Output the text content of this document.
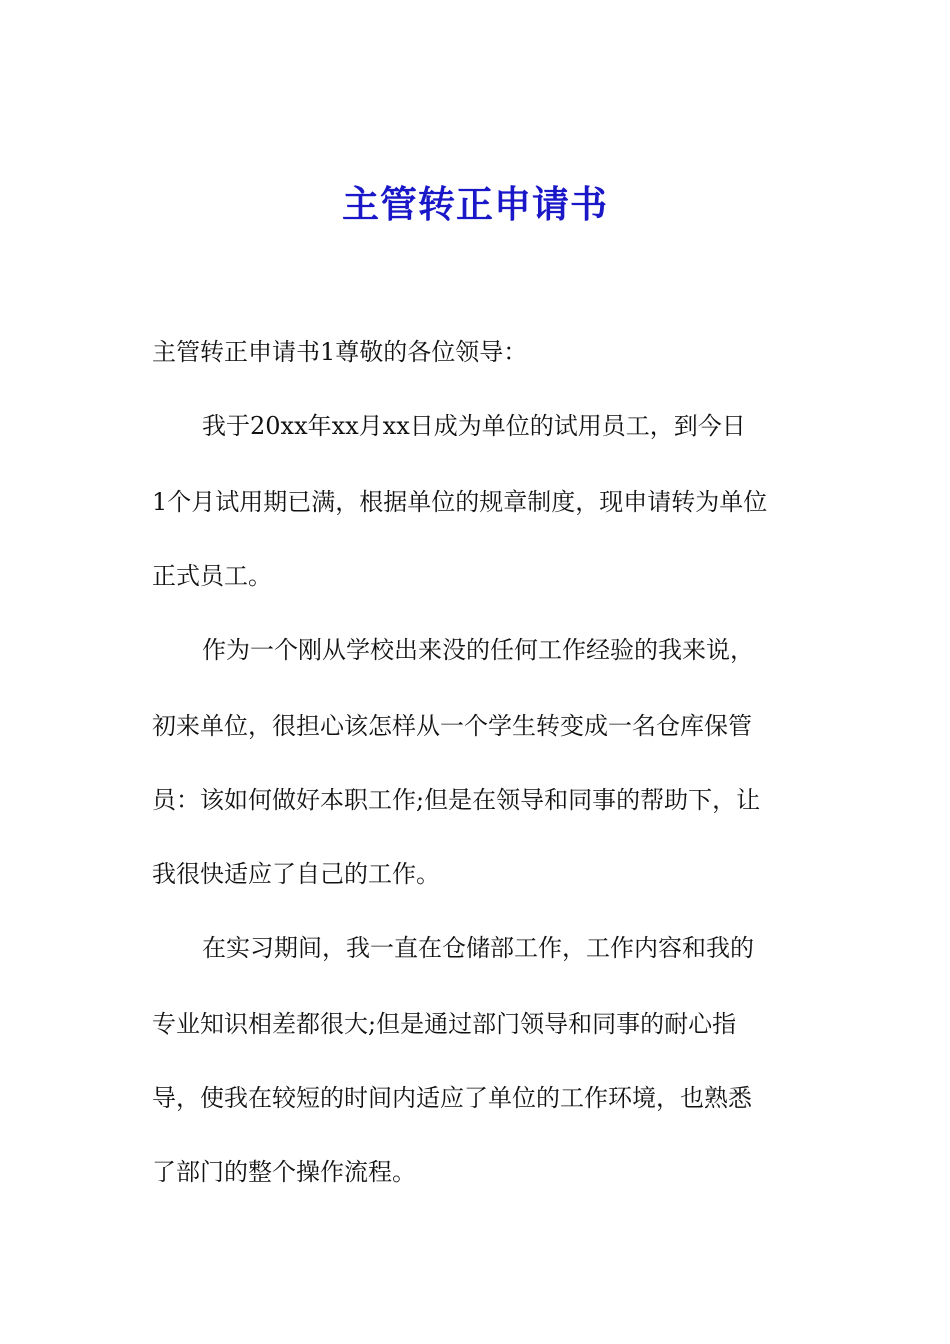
主管转正申请书
主管转正申请书1尊敬的各位领导：
我于20xx年xx月xx日成为单位的试用员工，到今日
1个月试用期已满，根据单位的规章制度，现申请转为单位
正式员工。
作为一个刚从学校出来没的任何工作经验的我来说，
初来单位，很担心该怎样从一个学生转变成一名仓库保管
员：该如何做好本职工作;但是在领导和同事的帮助下，让
我很快适应了自己的工作。
在实习期间，我一直在仓储部工作，工作内容和我的
专业知识相差都很大;但是通过部门领导和同事的耐心指
导，使我在较短的时间内适应了单位的工作环境，也熟悉
了部门的整个操作流程。
